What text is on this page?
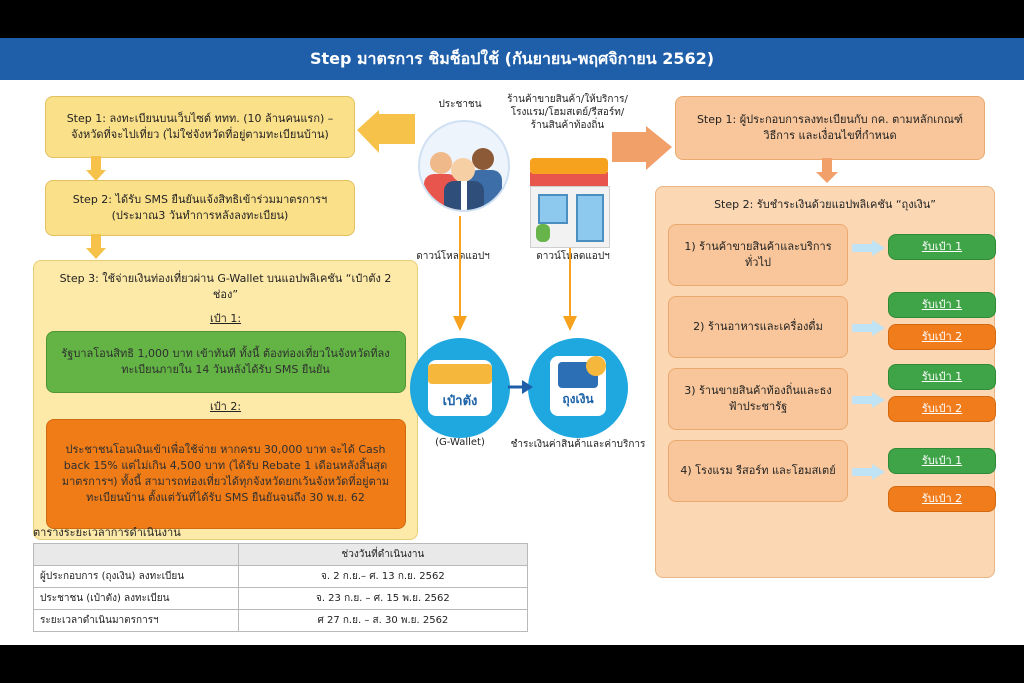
Step มาตรการ ชิมช็อปใช้ (กันยายน-พฤศจิกายน 2562)
Step 1: ลงทะเบียนบนเว็บไซต์ ททท. (10 ล้านคนแรก) – จังหวัดที่จะไปเที่ยว (ไม่ใช่จังหวัดที่อยู่ตามทะเบียนบ้าน)
Step 2: ได้รับ SMS ยืนยันแจ้งสิทธิเข้าร่วมมาตรการฯ (ประมาณ3 วันทำการหลังลงทะเบียน)
Step 3: ใช้จ่ายเงินท่องเที่ยวผ่าน G-Wallet บนแอปพลิเคชัน “เป๋าตัง 2 ช่อง”
เป๋า 1:
รัฐบาลโอนสิทธิ 1,000 บาท เข้าทันที ทั้งนี้ ต้องท่องเที่ยวในจังหวัดที่ลงทะเบียนภายใน 14 วันหลังได้รับ SMS ยืนยัน
เป๋า 2:
ประชาชนโอนเงินเข้าเพื่อใช้จ่าย หากครบ 30,000 บาท จะได้ Cash back 15% แต่ไม่เกิน 4,500 บาท (ได้รับ Rebate 1 เดือนหลังสิ้นสุดมาตรการฯ) ทั้งนี้ สามารถท่องเที่ยวได้ทุกจังหวัดยกเว้นจังหวัดที่อยู่ตามทะเบียนบ้าน ตั้งแต่วันที่ได้รับ SMS ยืนยันจนถึง 30 พ.ย. 62
ตารางระยะเวลาการดำเนินงาน
	ช่วงวันที่ดำเนินงาน
ผู้ประกอบการ (ถุงเงิน) ลงทะเบียน	จ. 2 ก.ย.– ศ. 13 ก.ย. 2562
ประชาชน (เป๋าตัง) ลงทะเบียน	จ. 23 ก.ย. – ศ. 15 พ.ย. 2562
ระยะเวลาดำเนินมาตรการฯ	ศ 27 ก.ย. – ส. 30 พ.ย. 2562
ประชาชน	ร้านค้าขายสินค้า/ให้บริการ/โรงแรม/โฮมสเตย์/รีสอร์ท/ร้านสินค้าท้องถิ่น
ดาวน์โหลดแอปฯ	ดาวน์โหลดแอปฯ
เป๋าตัง
(G-Wallet)
ถุงเงิน
ชำระเงินค่าสินค้าและค่าบริการ
Step 1: ผู้ประกอบการลงทะเบียนกับ กค. ตามหลักเกณฑ์ วิธีการ และเงื่อนไขที่กำหนด
Step 2: รับชำระเงินด้วยแอปพลิเคชัน “ถุงเงิน”
1) ร้านค้าขายสินค้าและบริการทั่วไป
รับเป๋า 1
2) ร้านอาหารและเครื่องดื่ม
รับเป๋า 1
รับเป๋า 2
3) ร้านขายสินค้าท้องถิ่นและธงฟ้าประชารัฐ
รับเป๋า 1
รับเป๋า 2
4) โรงแรม รีสอร์ท และโฮมสเตย์
รับเป๋า 1
รับเป๋า 2
